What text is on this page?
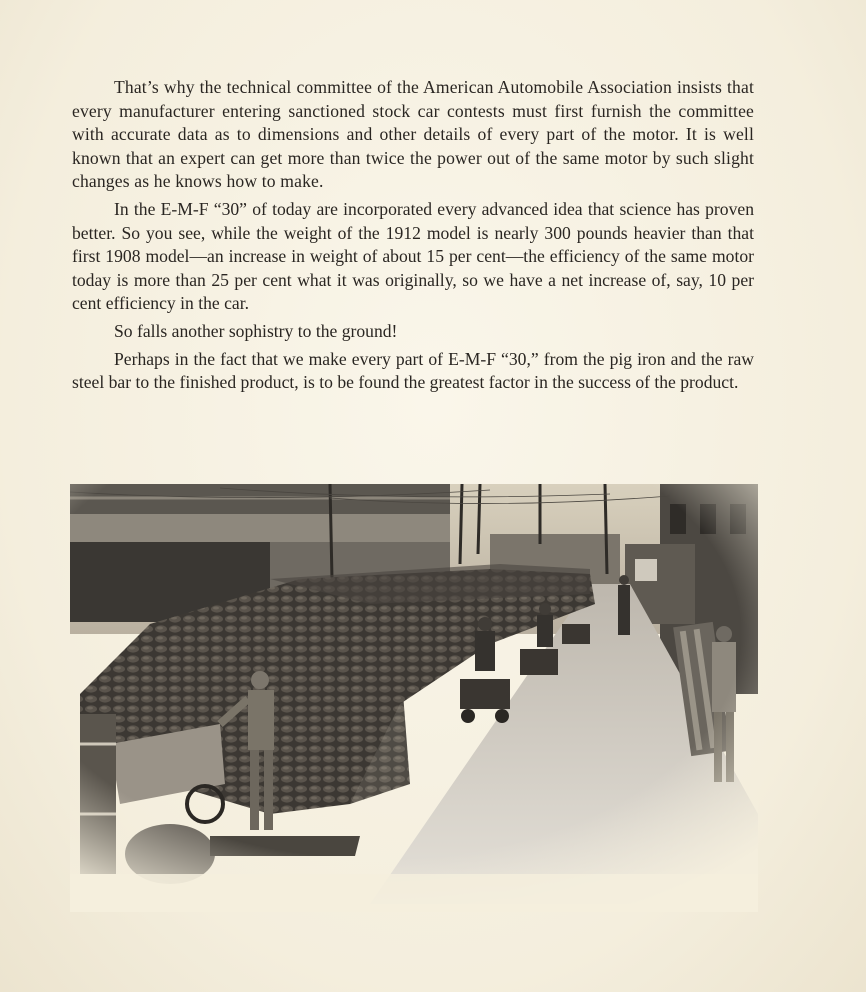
That’s why the technical committee of the American Automobile Association insists that every manufacturer entering sanctioned stock car contests must first furnish the committee with accurate data as to dimensions and other details of every part of the motor. It is well known that an expert can get more than twice the power out of the same motor by such slight changes as he knows how to make.

In the E-M-F “30” of today are incorporated every advanced idea that science has proven better. So you see, while the weight of the 1912 model is nearly 300 pounds heavier than that first 1908 model—an increase in weight of about 15 per cent—the efficiency of the same motor today is more than 25 per cent what it was originally, so we have a net increase of, say, 10 per cent efficiency in the car.

So falls another sophistry to the ground!

Perhaps in the fact that we make every part of E-M-F “30,” from the pig iron and the raw steel bar to the finished product, is to be found the greatest factor in the success of the product.
